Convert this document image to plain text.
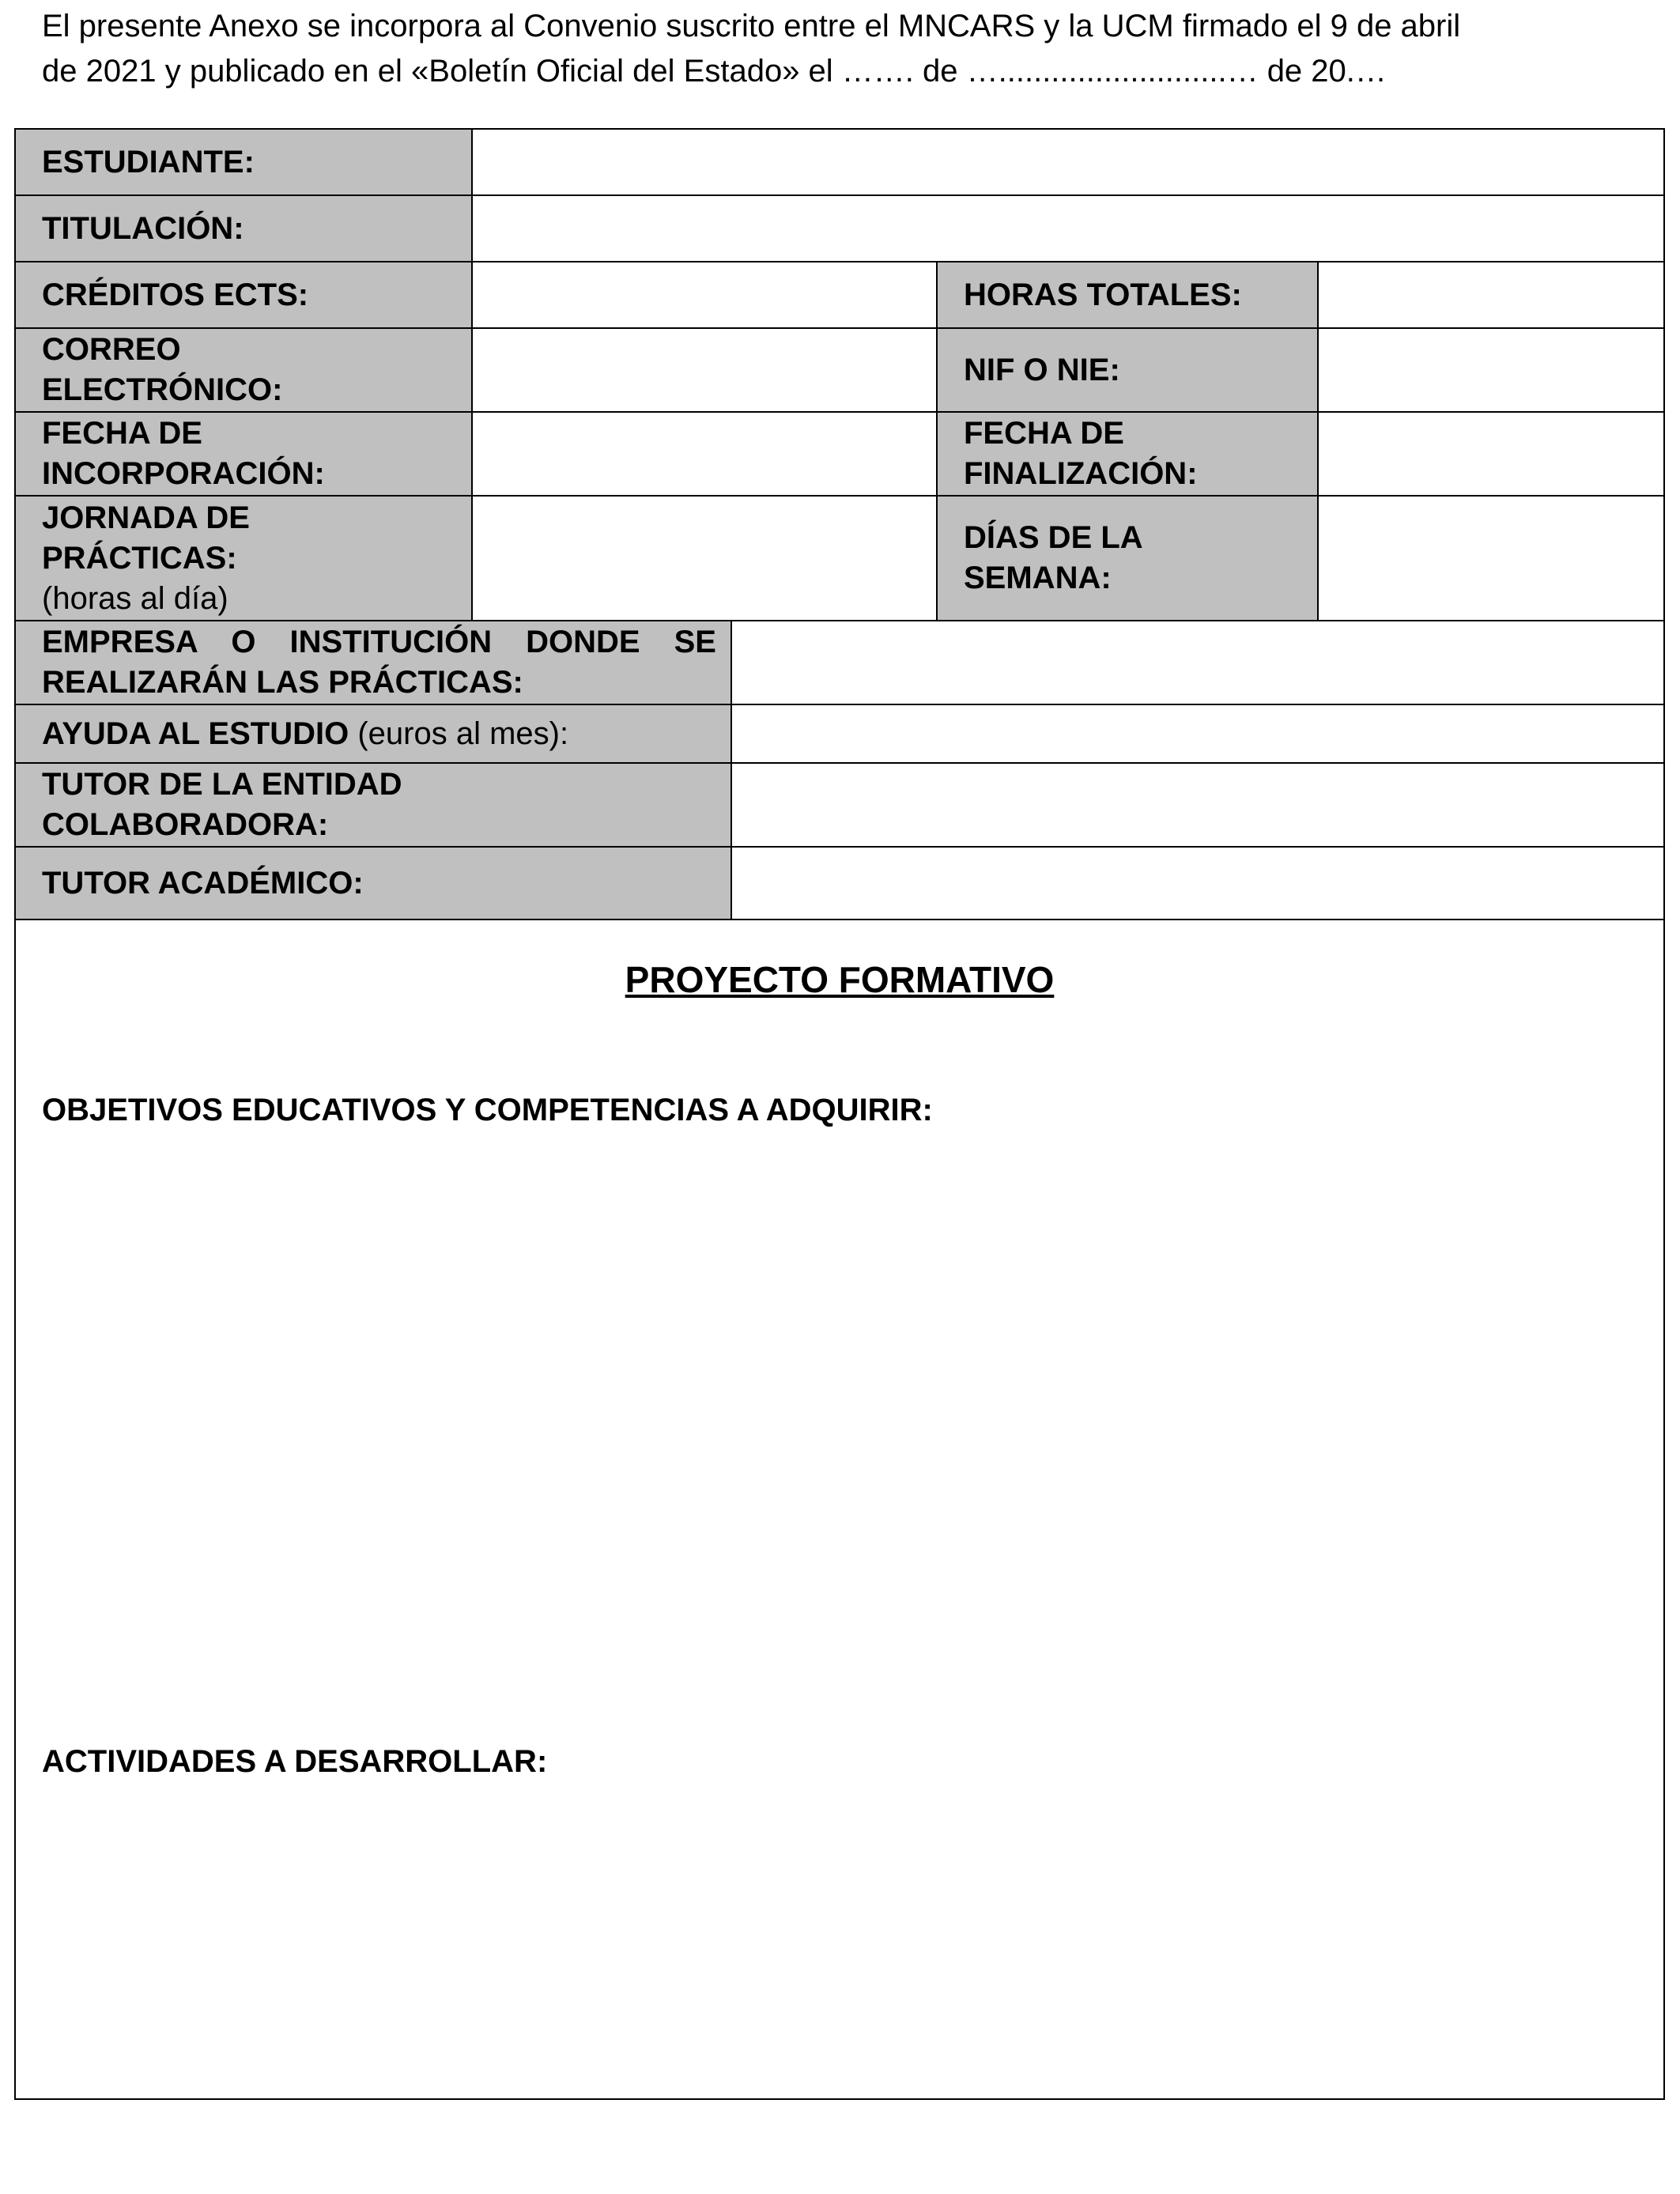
El presente Anexo se incorpora al Convenio suscrito entre el MNCARS y la UCM firmado el 9 de abril
de 2021 y publicado en el «Boletín Oficial del Estado» el ……. de …..........................… de 20.…
ESTUDIANTE:
TITULACIÓN:
CRÉDITOS ECTS:	HORAS TOTALES:
CORREO
ELECTRÓNICO:
NIF O NIE:
FECHA DE
INCORPORACIÓN:
FECHA DE
FINALIZACIÓN:
JORNADA DE
PRÁCTICAS:
(horas al día)
DÍAS DE LA
SEMANA:
EMPRESA O INSTITUCIÓN DONDE SE
REALIZARÁN LAS PRÁCTICAS:
AYUDA AL ESTUDIO (euros al mes):
TUTOR DE LA ENTIDAD
COLABORADORA:
TUTOR ACADÉMICO:
PROYECTO FORMATIVO
OBJETIVOS EDUCATIVOS Y COMPETENCIAS A ADQUIRIR:
ACTIVIDADES A DESARROLLAR:
